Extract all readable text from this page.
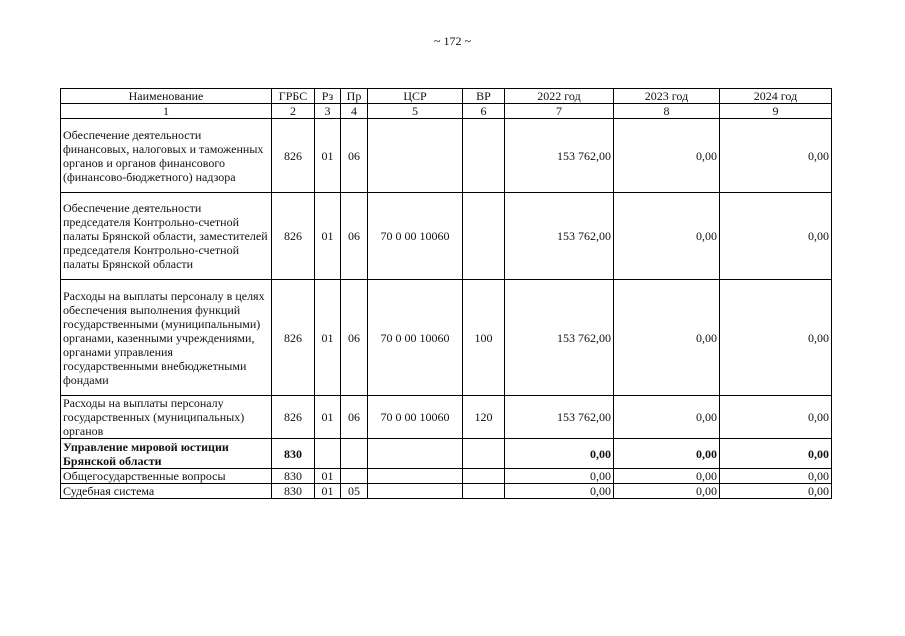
~ 172 ~
Наименование	ГРБС	Рз	Пр	ЦСР	ВР	2022 год	2023 год	2024 год
1	2	3	4	5	6	7	8	9
Обеспечение деятельности финансовых, налоговых и таможенных органов и органов финансового (финансово-бюджетного) надзора	826	01	06			153 762,00	0,00	0,00
Обеспечение деятельности председателя Контрольно-счетной палаты Брянской области, заместителей председателя Контрольно-счетной палаты Брянской области	826	01	06	70 0 00 10060		153 762,00	0,00	0,00
Расходы на выплаты персоналу в целях обеспечения выполнения функций государственными (муниципальными) органами, казенными учреждениями, органами управления государственными внебюджетными фондами	826	01	06	70 0 00 10060	100	153 762,00	0,00	0,00
Расходы на выплаты персоналу государственных (муниципальных) органов	826	01	06	70 0 00 10060	120	153 762,00	0,00	0,00
Управление мировой юстиции Брянской области	830					0,00	0,00	0,00
Общегосударственные вопросы	830	01				0,00	0,00	0,00
Судебная система	830	01	05			0,00	0,00	0,00
